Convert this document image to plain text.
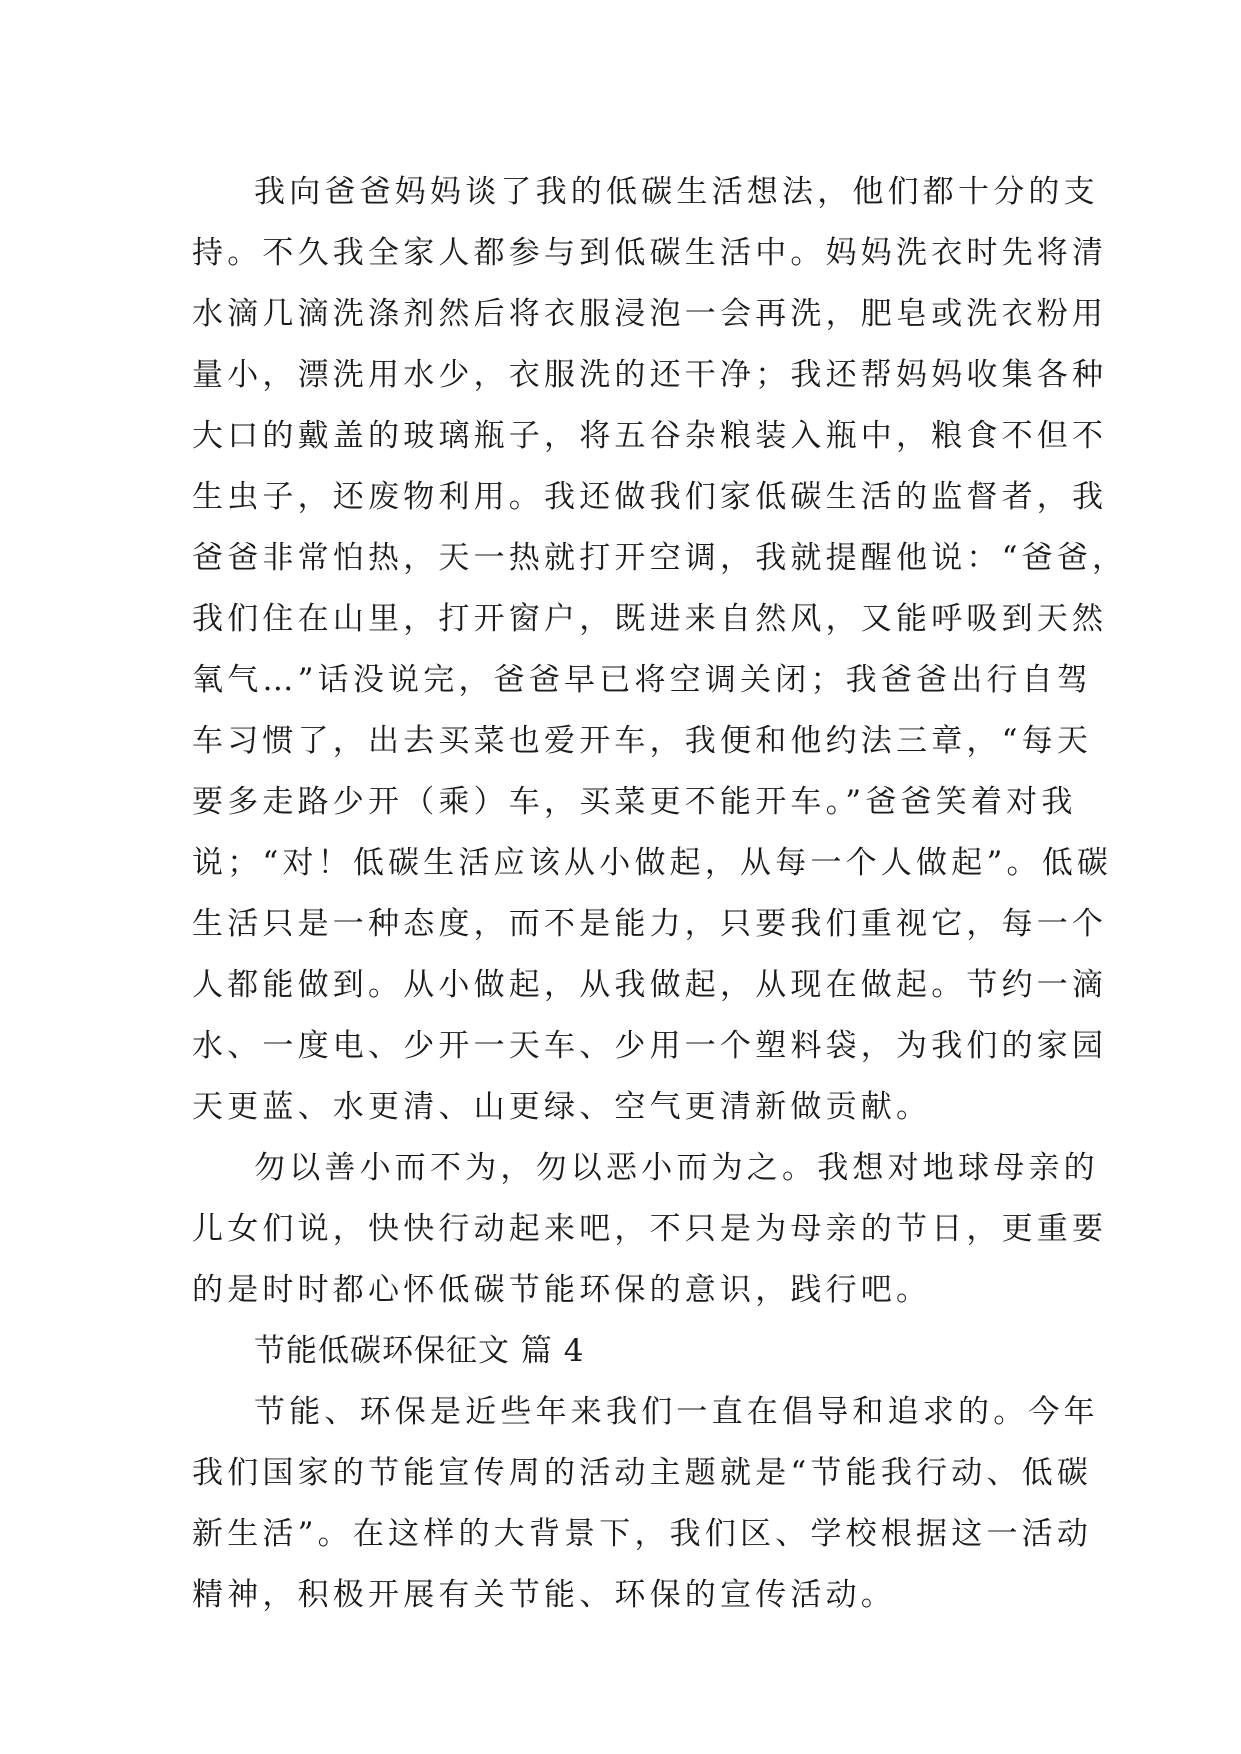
我向爸爸妈妈谈了我的低碳生活想法，他们都十分的支
持。不久我全家人都参与到低碳生活中。妈妈洗衣时先将清
水滴几滴洗涤剂然后将衣服浸泡一会再洗，肥皂或洗衣粉用
量小，漂洗用水少，衣服洗的还干净；我还帮妈妈收集各种
大口的戴盖的玻璃瓶子，将五谷杂粮装入瓶中，粮食不但不
生虫子，还废物利用。我还做我们家低碳生活的监督者，我
爸爸非常怕热，天一热就打开空调，我就提醒他说：“爸爸，
我们住在山里，打开窗户，既进来自然风，又能呼吸到天然
氧气…”话没说完，爸爸早已将空调关闭；我爸爸出行自驾
车习惯了，出去买菜也爱开车，我便和他约法三章，“每天
要多走路少开（乘）车，买菜更不能开车。”爸爸笑着对我
说；“对！低碳生活应该从小做起，从每一个人做起”。低碳
生活只是一种态度，而不是能力，只要我们重视它，每一个
人都能做到。从小做起，从我做起，从现在做起。节约一滴
水、一度电、少开一天车、少用一个塑料袋，为我们的家园
天更蓝、水更清、山更绿、空气更清新做贡献。
勿以善小而不为，勿以恶小而为之。我想对地球母亲的
儿女们说，快快行动起来吧，不只是为母亲的节日，更重要
的是时时都心怀低碳节能环保的意识，践行吧。
节能低碳环保征文 篇 4
节能、环保是近些年来我们一直在倡导和追求的。今年
我们国家的节能宣传周的活动主题就是“节能我行动、低碳
新生活”。在这样的大背景下，我们区、学校根据这一活动
精神，积极开展有关节能、环保的宣传活动。
